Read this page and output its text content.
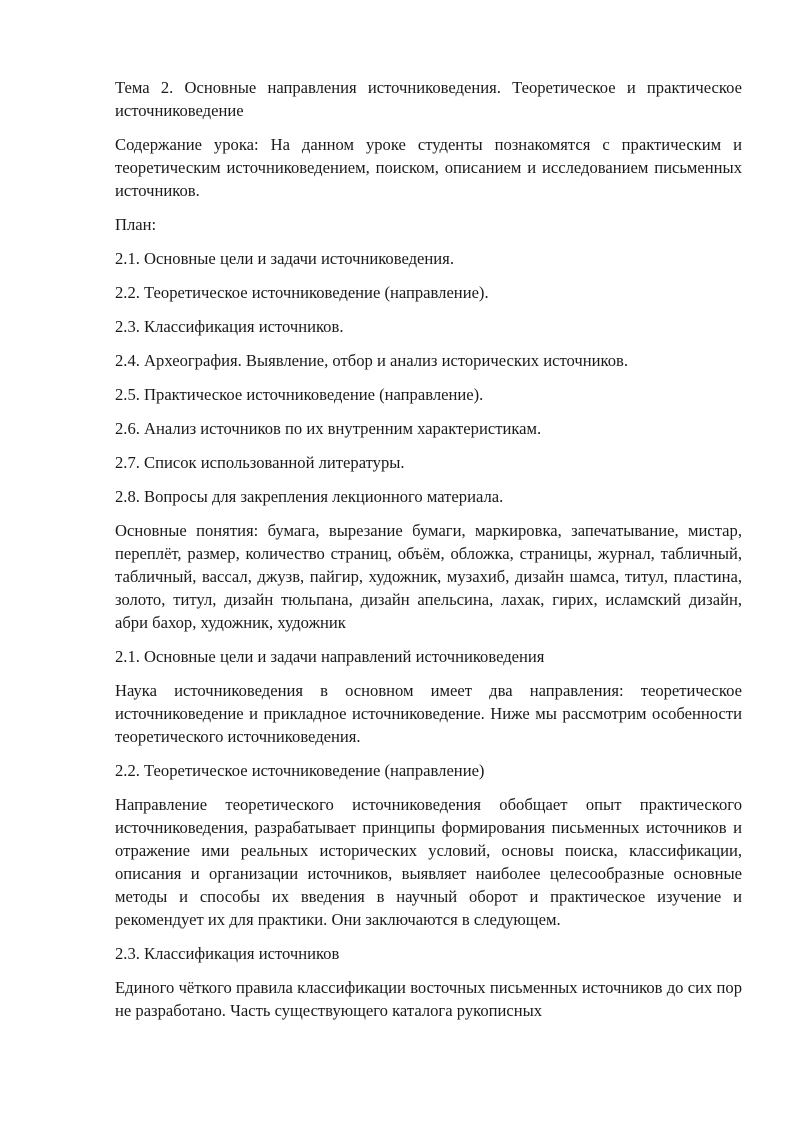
Тема 2. Основные направления источниковедения. Теоретическое и практическое источниковедение

Содержание урока: На данном уроке студенты познакомятся с практическим и теоретическим источниковедением, поиском, описанием и исследованием письменных источников.

План:

2.1. Основные цели и задачи источниковедения.

2.2. Теоретическое источниковедение (направление).

2.3. Классификация источников.

2.4. Археография. Выявление, отбор и анализ исторических источников.

2.5. Практическое источниковедение (направление).

2.6. Анализ источников по их внутренним характеристикам.

2.7. Список использованной литературы.

2.8. Вопросы для закрепления лекционного материала.

Основные понятия: бумага, вырезание бумаги, маркировка, запечатывание, мистар, переплёт, размер, количество страниц, объём, обложка, страницы, журнал, табличный, табличный, вассал, джузв, пайгир, художник, музахиб, дизайн шамса, титул, пластина, золото, титул, дизайн тюльпана, дизайн апельсина, лахак, гирих, исламский дизайн, абри бахор, художник, художник

2.1. Основные цели и задачи направлений источниковедения

Наука источниковедения в основном имеет два направления: теоретическое источниковедение и прикладное источниковедение. Ниже мы рассмотрим особенности теоретического источниковедения.

2.2. Теоретическое источниковедение (направление)

Направление теоретического источниковедения обобщает опыт практического источниковедения, разрабатывает принципы формирования письменных источников и отражение ими реальных исторических условий, основы поиска, классификации, описания и организации источников, выявляет наиболее целесообразные основные методы и способы их введения в научный оборот и практическое изучение и рекомендует их для практики. Они заключаются в следующем.

2.3. Классификация источников

Единого чёткого правила классификации восточных письменных источников до сих пор не разработано. Часть существующего каталога рукописных
